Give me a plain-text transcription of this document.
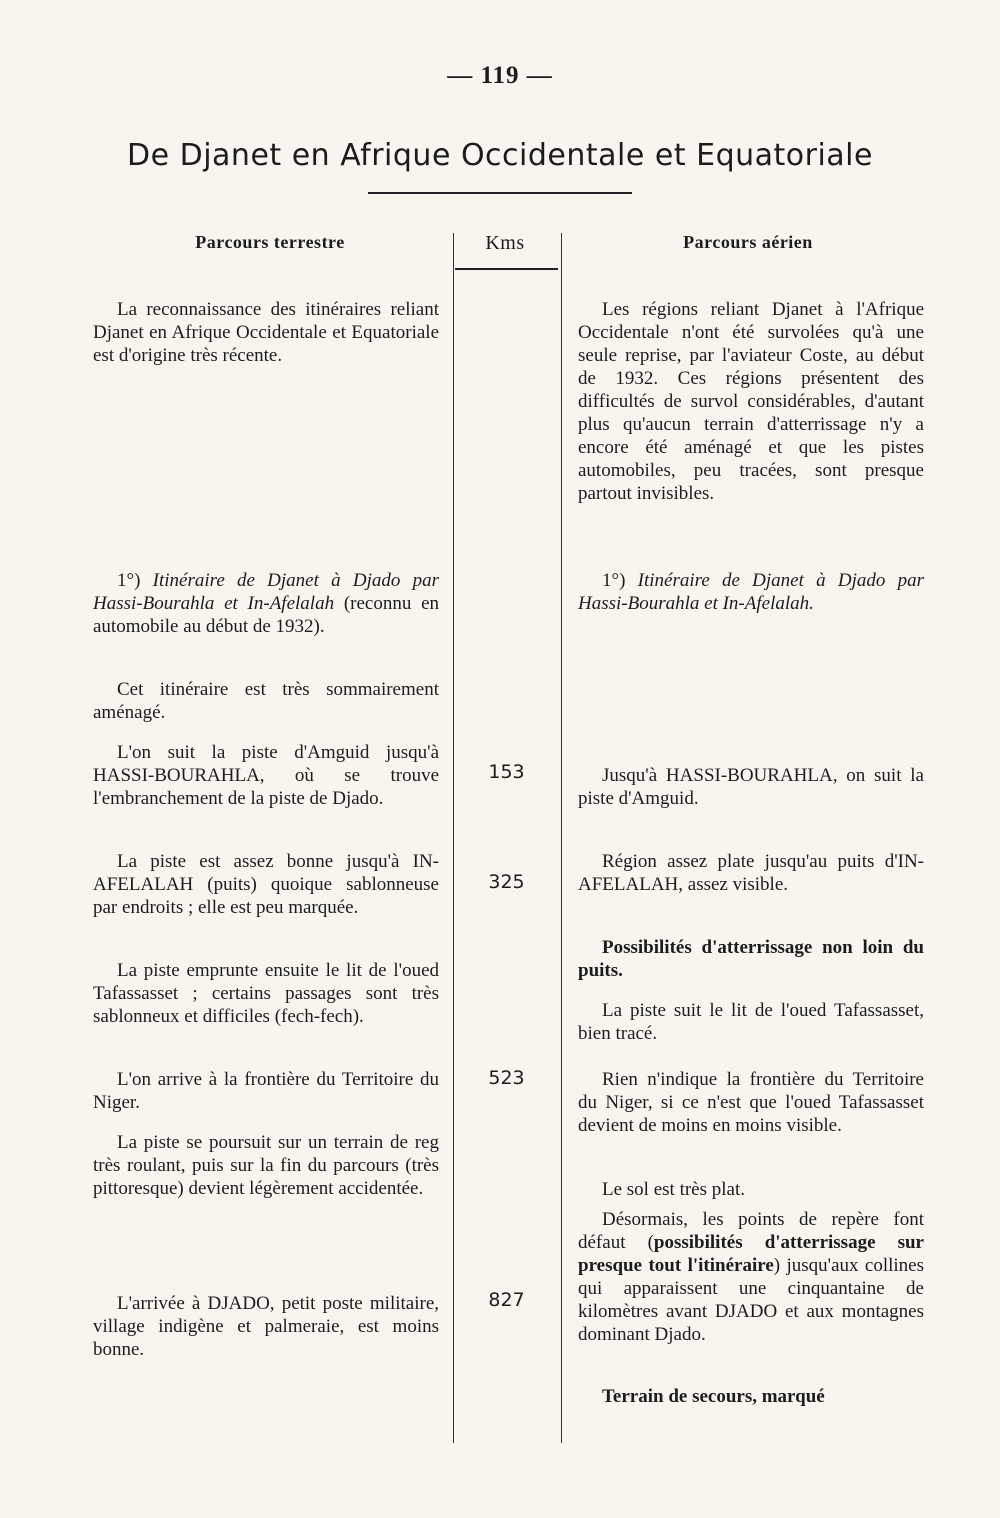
— 119 —
De Djanet en Afrique Occidentale et Equatoriale
Parcours terrestre	Kms	Parcours aérien

La reconnaissance des itinéraires reliant Djanet en Afrique Occidentale et Equatoriale est d'origine très récente.

1°) Itinéraire de Djanet à Djado par Hassi-Bourahla et In-Afelalah (reconnu en automobile au début de 1932).

Cet itinéraire est très sommairement aménagé.

L'on suit la piste d'Amguid jusqu'à HASSI-BOURAHLA, où se trouve l'embranchement de la piste de Djado.

La piste est assez bonne jusqu'à IN-AFELALAH (puits) quoique sablonneuse par endroits ; elle est peu marquée.

La piste emprunte ensuite le lit de l'oued Tafassasset ; certains passages sont très sablonneux et difficiles (fech-fech).

L'on arrive à la frontière du Territoire du Niger.

La piste se poursuit sur un terrain de reg très roulant, puis sur la fin du parcours (très pittoresque) devient légèrement accidentée.

L'arrivée à DJADO, petit poste militaire, village indigène et palmeraie, est moins bonne.

153
325
523
827

Les régions reliant Djanet à l'Afrique Occidentale n'ont été survolées qu'à une seule reprise, par l'aviateur Coste, au début de 1932. Ces régions présentent des difficultés de survol considérables, d'autant plus qu'aucun terrain d'atterrissage n'y a encore été aménagé et que les pistes automobiles, peu tracées, sont presque partout invisibles.

1°) Itinéraire de Djanet à Djado par Hassi-Bourahla et In-Afelalah.

Jusqu'à HASSI-BOURAHLA, on suit la piste d'Amguid.

Région assez plate jusqu'au puits d'IN-AFELALAH, assez visible.

Possibilités d'atterrissage non loin du puits.

La piste suit le lit de l'oued Tafassasset, bien tracé.

Rien n'indique la frontière du Territoire du Niger, si ce n'est que l'oued Tafassasset devient de moins en moins visible.

Le sol est très plat.

Désormais, les points de repère font défaut (possibilités d'atterrissage sur presque tout l'itinéraire) jusqu'aux collines qui apparaissent une cinquantaine de kilomètres avant DJADO et aux montagnes dominant Djado.

Terrain de secours, marqué
